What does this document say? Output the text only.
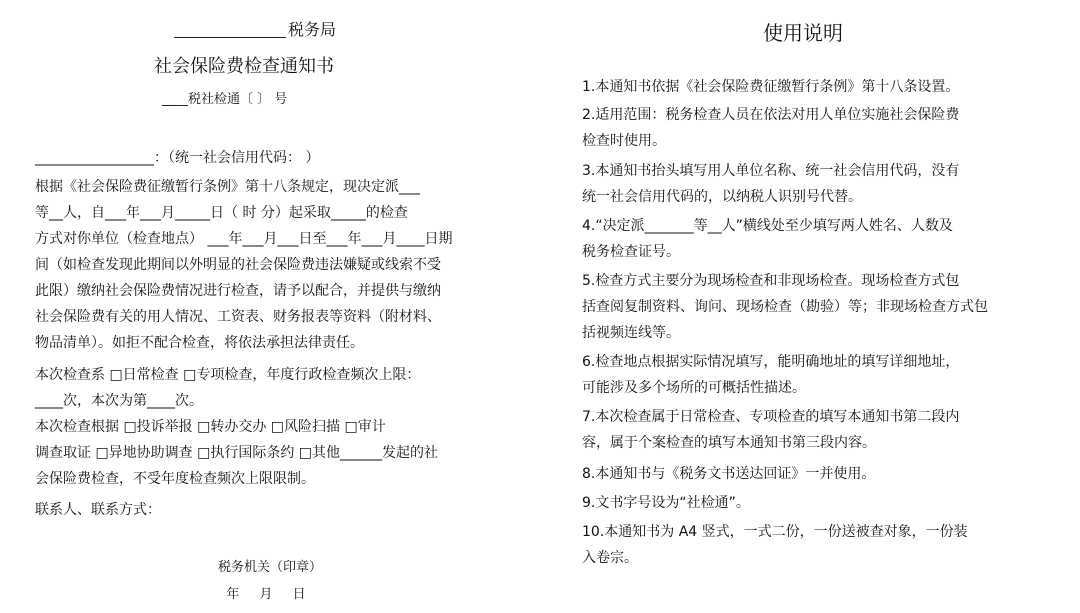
税务局
社会保险费检查通知书
____税社检通〔 〕 号
_________________：（统一社会信用代码： ）
根据《社会保险费征缴暂行条例》第十八条规定，现决定派___
等__人，自___年___月_____日（ 时 分）起采取_____的检查
方式对你单位（检查地点） ___年___月___日至___年___月____日期
间（如检查发现此期间以外明显的社会保险费违法嫌疑或线索不受
此限）缴纳社会保险费情况进行检查，请予以配合，并提供与缴纳
社会保险费有关的用人情况、工资表、财务报表等资料（附材料、
物品清单）。如拒不配合检查，将依法承担法律责任。
本次检查系 □日常检查 □专项检查，年度行政检查频次上限：
____次，本次为第____次。
本次检查根据 □投诉举报 □转办交办 □风险扫描 □审计
调查取证 □异地协助调查 □执行国际条约 □其他______发起的社
会保险费检查，不受年度检查频次上限限制。
联系人、联系方式：
税务机关（印章）
年 月 日
使用说明
1.本通知书依据《社会保险费征缴暂行条例》第十八条设置。
2.适用范围：税务检查人员在依法对用人单位实施社会保险费
检查时使用。
3.本通知书抬头填写用人单位名称、统一社会信用代码，没有
统一社会信用代码的，以纳税人识别号代替。
4.“决定派_______等__人”横线处至少填写两人姓名、人数及
税务检查证号。
5.检查方式主要分为现场检查和非现场检查。现场检查方式包
括查阅复制资料、询问、现场检查（勘验）等；非现场检查方式包
括视频连线等。
6.检查地点根据实际情况填写，能明确地址的填写详细地址，
可能涉及多个场所的可概括性描述。
7.本次检查属于日常检查、专项检查的填写本通知书第二段内
容，属于个案检查的填写本通知书第三段内容。
8.本通知书与《税务文书送达回证》一并使用。
9.文书字号设为“社检通”。
10.本通知书为 A4 竖式，一式二份，一份送被查对象，一份装
入卷宗。
